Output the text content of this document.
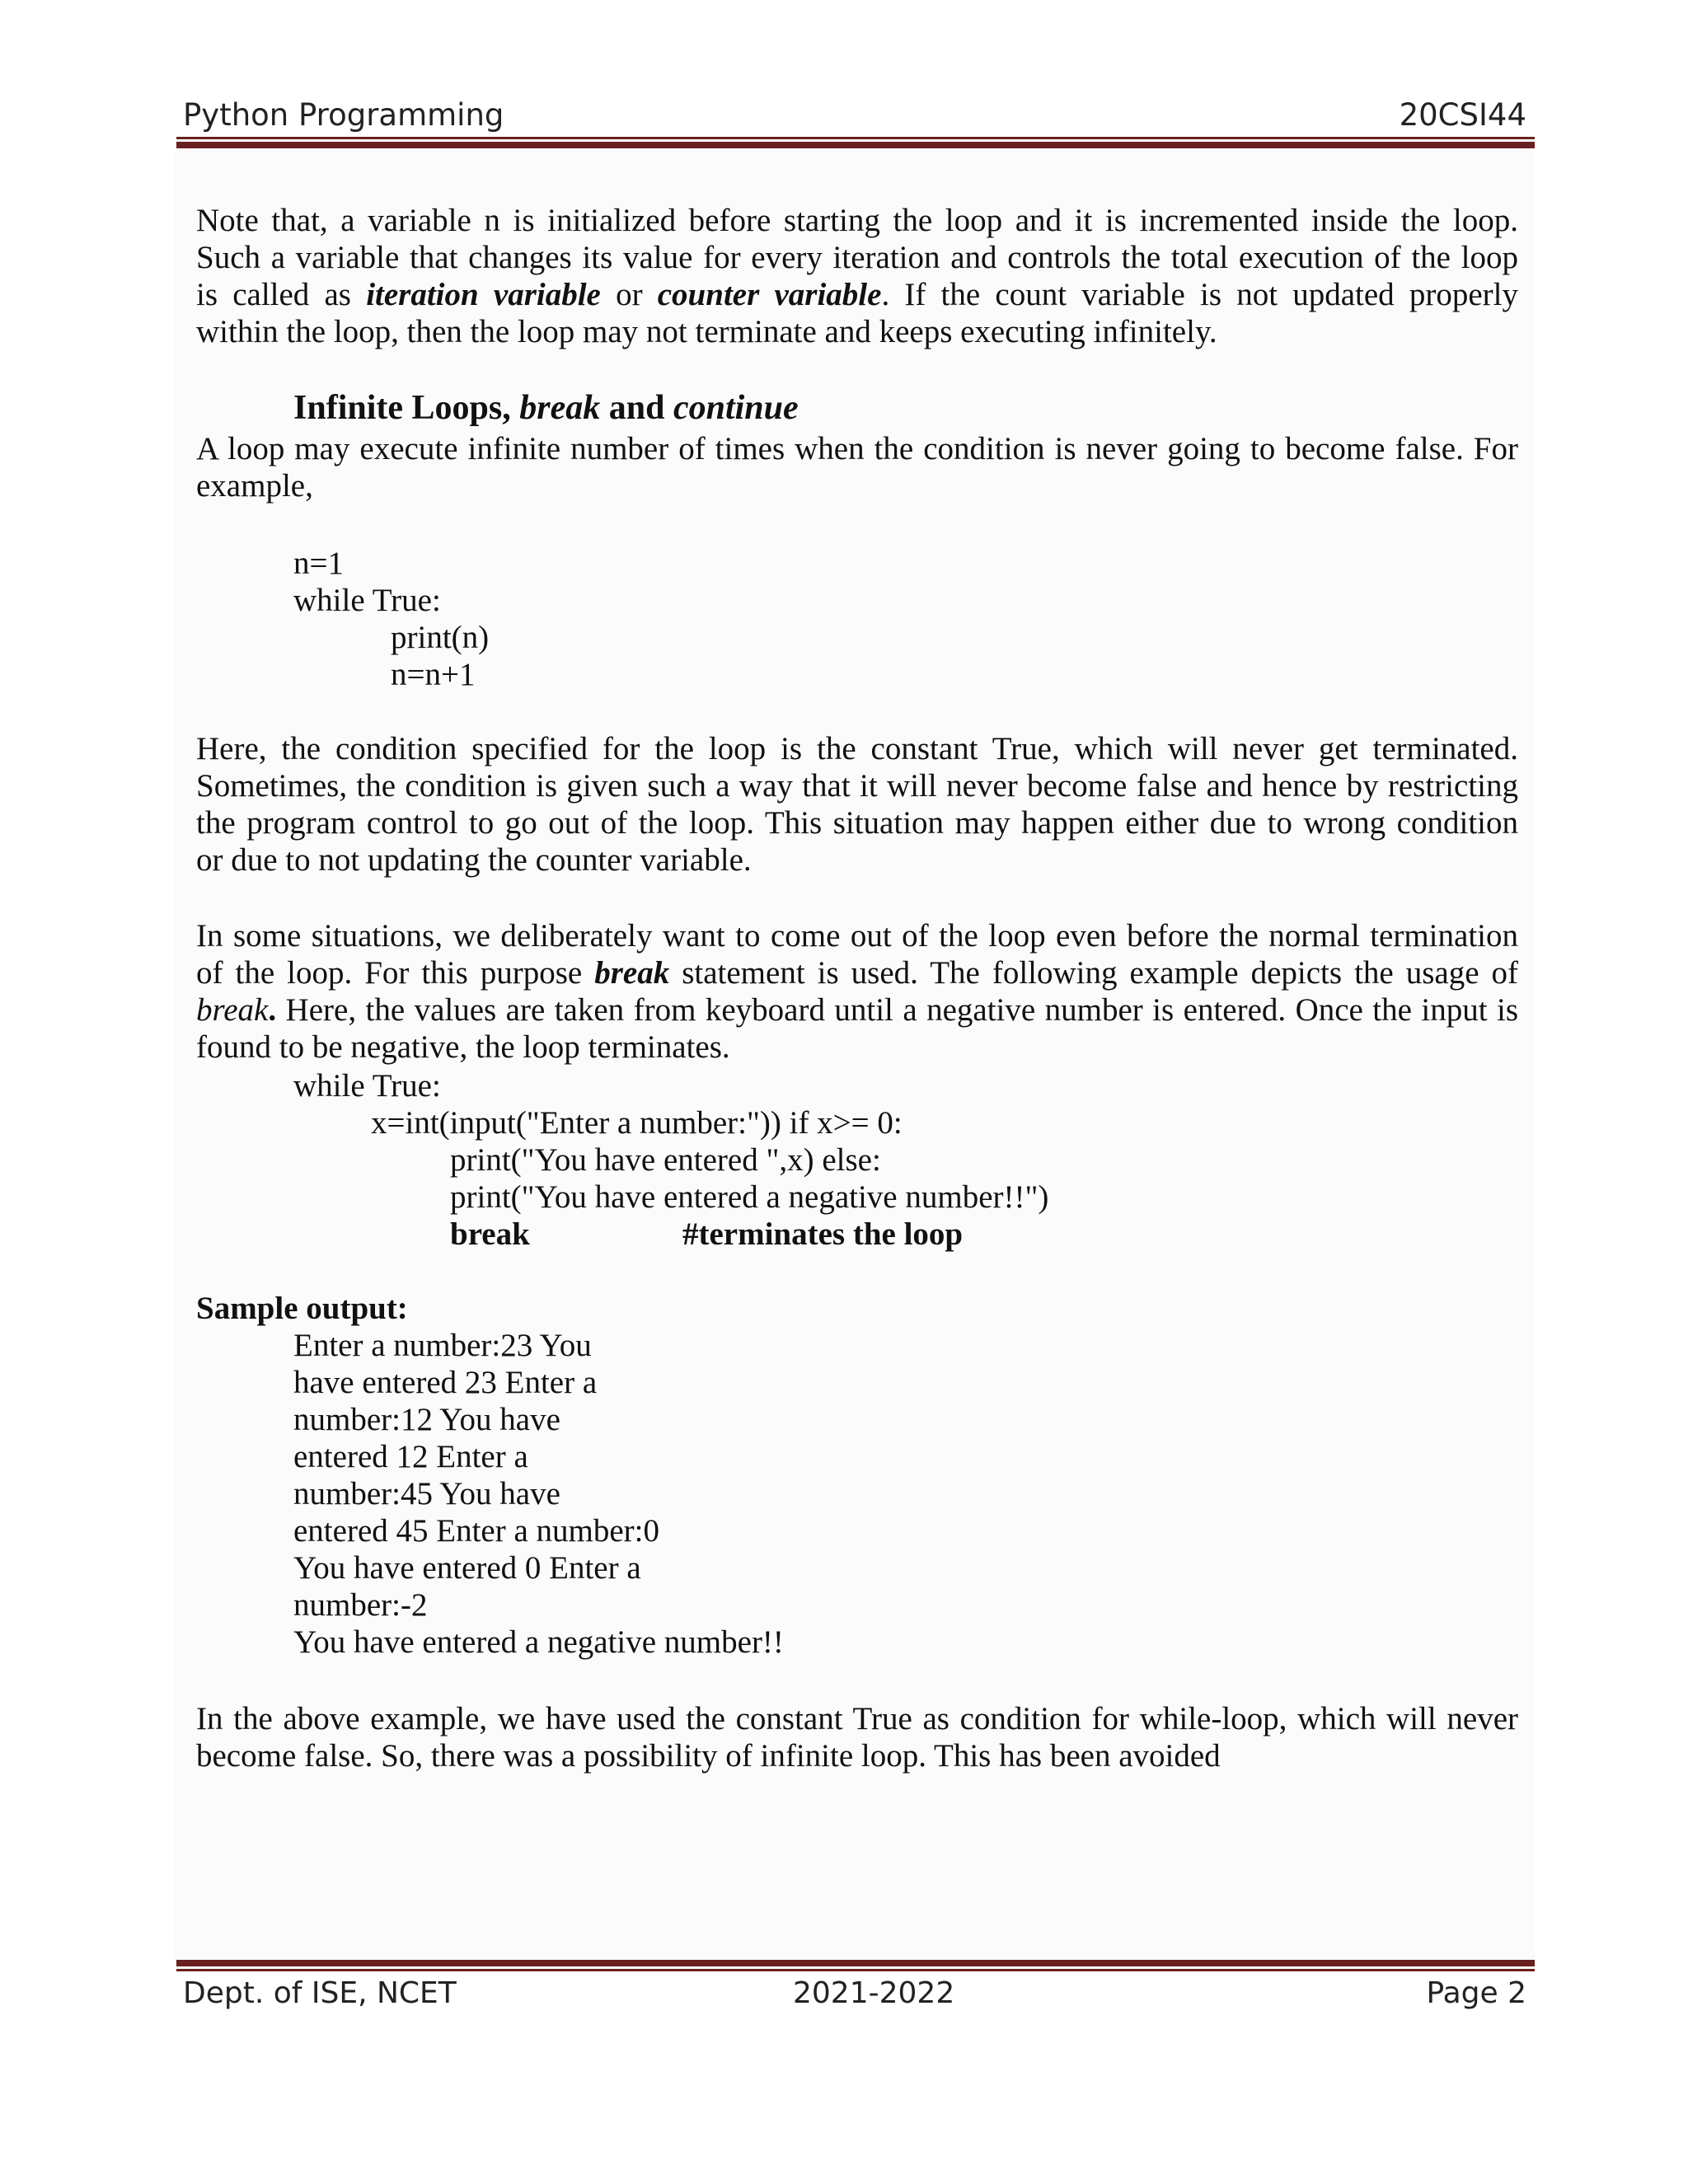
Python Programming	20CSI44
Note that, a variable n is initialized before starting the loop and it is incremented inside the loop.
Such a variable that changes its value for every iteration and controls the total execution of the loop
is called as iteration variable or counter variable. If the count variable is not updated properly
within the loop, then the loop may not terminate and keeps executing infinitely.
Infinite Loops, break and continue
A loop may execute infinite number of times when the condition is never going to become false. For
example,
n=1
while True:
print(n)
n=n+1
Here, the condition specified for the loop is the constant True, which will never get terminated.
Sometimes, the condition is given such a way that it will never become false and hence by restricting
the program control to go out of the loop. This situation may happen either due to wrong condition
or due to not updating the counter variable.
In some situations, we deliberately want to come out of the loop even before the normal termination
of the loop. For this purpose break statement is used. The following example depicts the usage of
break. Here, the values are taken from keyboard until a negative number is entered. Once the input is
found to be negative, the loop terminates.
while True:
x=int(input("Enter a number:")) if x>= 0:
print("You have entered ",x) else:
print("You have entered a negative number!!")
break	#terminates the loop
Sample output:
Enter a number:23 You
have entered 23 Enter a
number:12 You have
entered 12 Enter a
number:45 You have
entered 45 Enter a number:0
You have entered 0 Enter a
number:-2
You have entered a negative number!!
In the above example, we have used the constant True as condition for while-loop, which will never
become false. So, there was a possibility of infinite loop. This has been avoided
Dept. of ISE, NCET	2021-2022	Page 2
